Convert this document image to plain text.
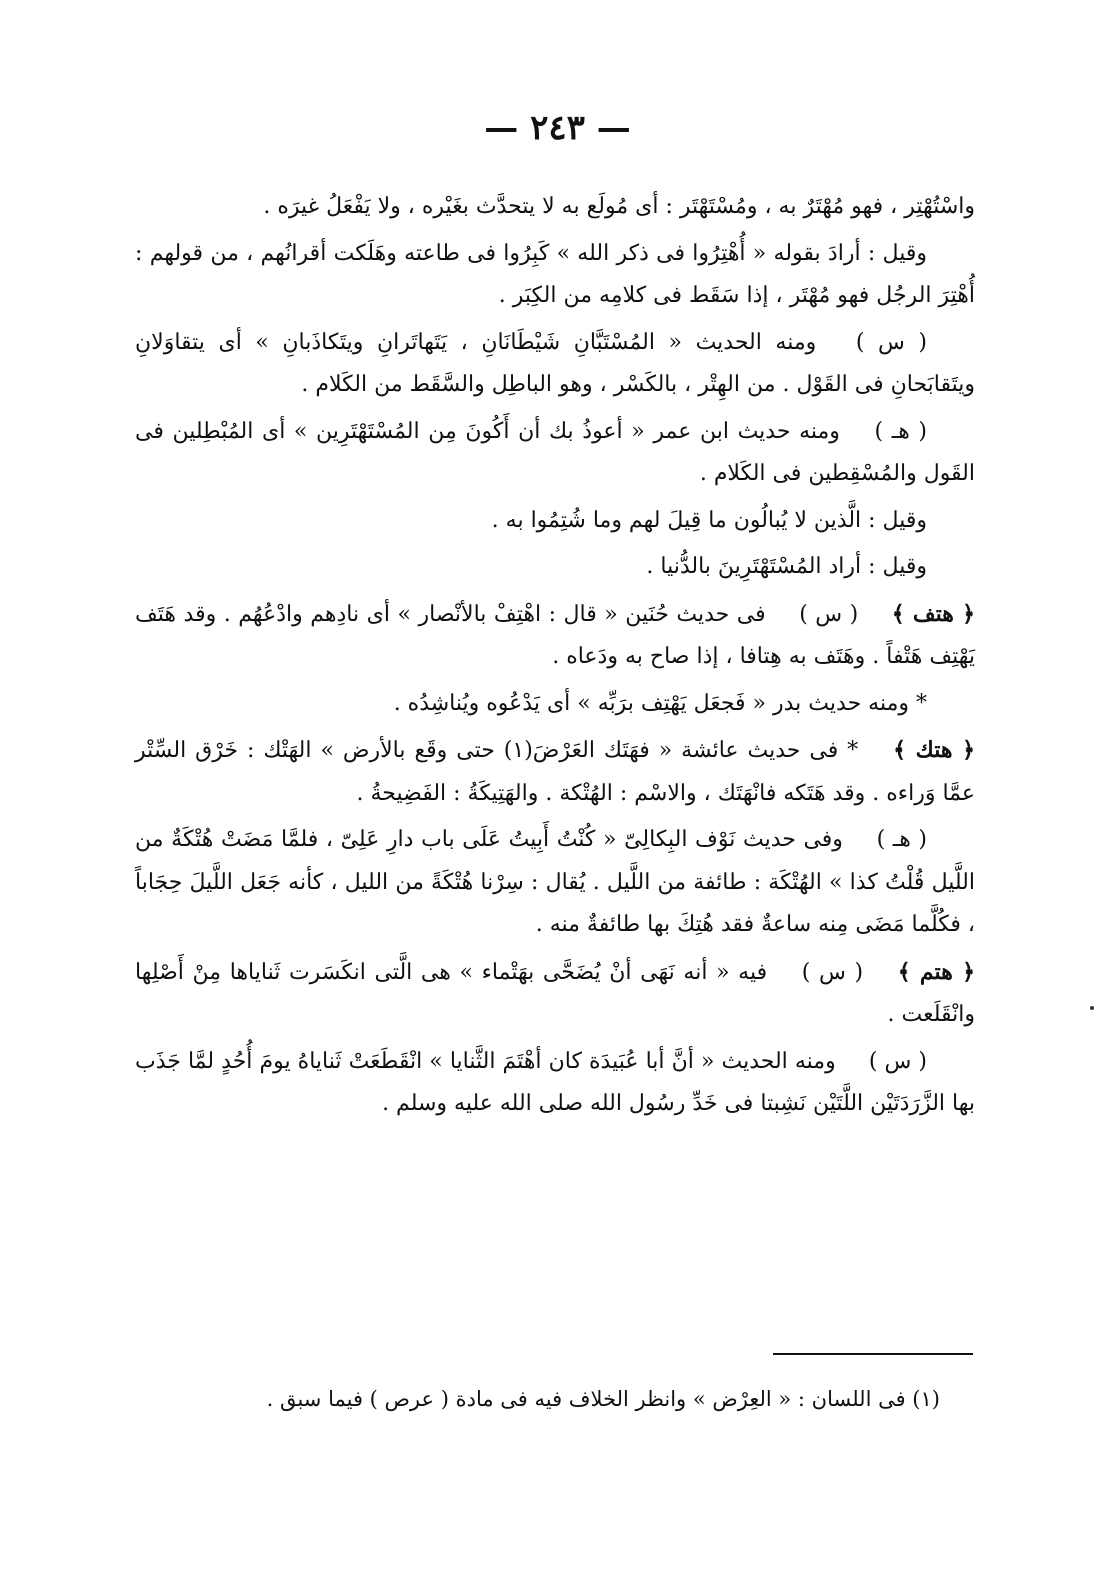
— ٢٤٣ —

واسْتُهْتِر ، فهو مُهْتَرٌ به ، ومُسْتَهْتَر : أى مُولَع به لا يتحدَّث بغَيْره ، ولا يَفْعَلُ غيرَه .

وقيل : أرادَ بقوله « أُهْتِرُوا فى ذكر الله » كَبِرُوا فى طاعته وهَلَكت أقرانُهم ، من قولهم : أُهْتِرَ الرجُل فهو مُهْتَر ، إذا سَقَط فى كلامِه من الكِبَر .

( س ) ومنه الحديث « المُسْتَبَّانِ شَيْطَانَانِ ، يَتَهاتَرانِ ويتَكاذَبانِ » أى يتقاوَلانِ ويتَقابَحانِ فى القَوْل . من الهِتْر ، بالكَسْر ، وهو الباطِل والسَّقَط من الكَلام .

( هـ ) ومنه حديث ابن عمر « أعوذُ بك أن أَكُونَ مِن المُسْتَهْتَرِين » أى المُبْطِلين فى القَول والمُسْقِطين فى الكَلام .

وقيل : الَّذين لا يُبالُون ما قِيلَ لهم وما شُتِمُوا به .

وقيل : أراد المُسْتَهْتَرِينَ بالدُّنيا .

﴿ هتف ﴾ ( س ) فى حديث حُنَين « قال : اهْتِفْ بالأنْصار » أى نادِهم وادْعُهُم . وقد هَتَف يَهْتِف هَتْفاً . وهَتَف به هِتافا ، إذا صاح به ودَعاه .

* ومنه حديث بدر « فَجعَل يَهْتِف برَبِّه » أى يَدْعُوه ويُناشِدُه .

﴿ هتك ﴾ * فى حديث عائشة « فهَتَك العَرْضَ(١) حتى وقَع بالأرض » الهَتْك : خَرْق السِّتْر عمَّا وَراءه . وقد هَتَكه فانْهَتَك ، والاسْم : الهُتْكة . والهَتِيكَةُ : الفَضِيحةُ .

( هـ ) وفى حديث نَوْف البِكالِىّ « كُنْتُ أَبِيتُ عَلَى باب دارِ عَلِىّ ، فلمَّا مَضَتْ هُتْكَةٌ من اللَّيل قُلْتُ كذا » الهُتْكَة : طائفة من اللَّيل . يُقال : سِرْنا هُتْكَةً من الليل ، كأنه جَعَل اللَّيلَ حِجَاباً ، فكُلَّما مَضَى مِنه ساعةٌ فقد هُتِكَ بها طائفةٌ منه .

﴿ هتم ﴾ ( س ) فيه « أنه نَهَى أنْ يُضَحَّى بهَتْماء » هى الَّتى انكَسَرت ثَناياها مِنْ أَصْلِها وانْقَلَعت .

( س ) ومنه الحديث « أنَّ أبا عُبَيدَة كان أهْتَمَ الثَّنايا » انْقَطَعَتْ ثَناياهُ يومَ أُحُدٍ لمَّا جَذَب بها الزَّرَدَتَيْن اللَّتَيْن نَشِبتا فى خَدِّ رسُول الله صلى الله عليه وسلم .

(١) فى اللسان : « العِرْض » وانظر الخلاف فيه فى مادة ( عرص ) فيما سبق .
